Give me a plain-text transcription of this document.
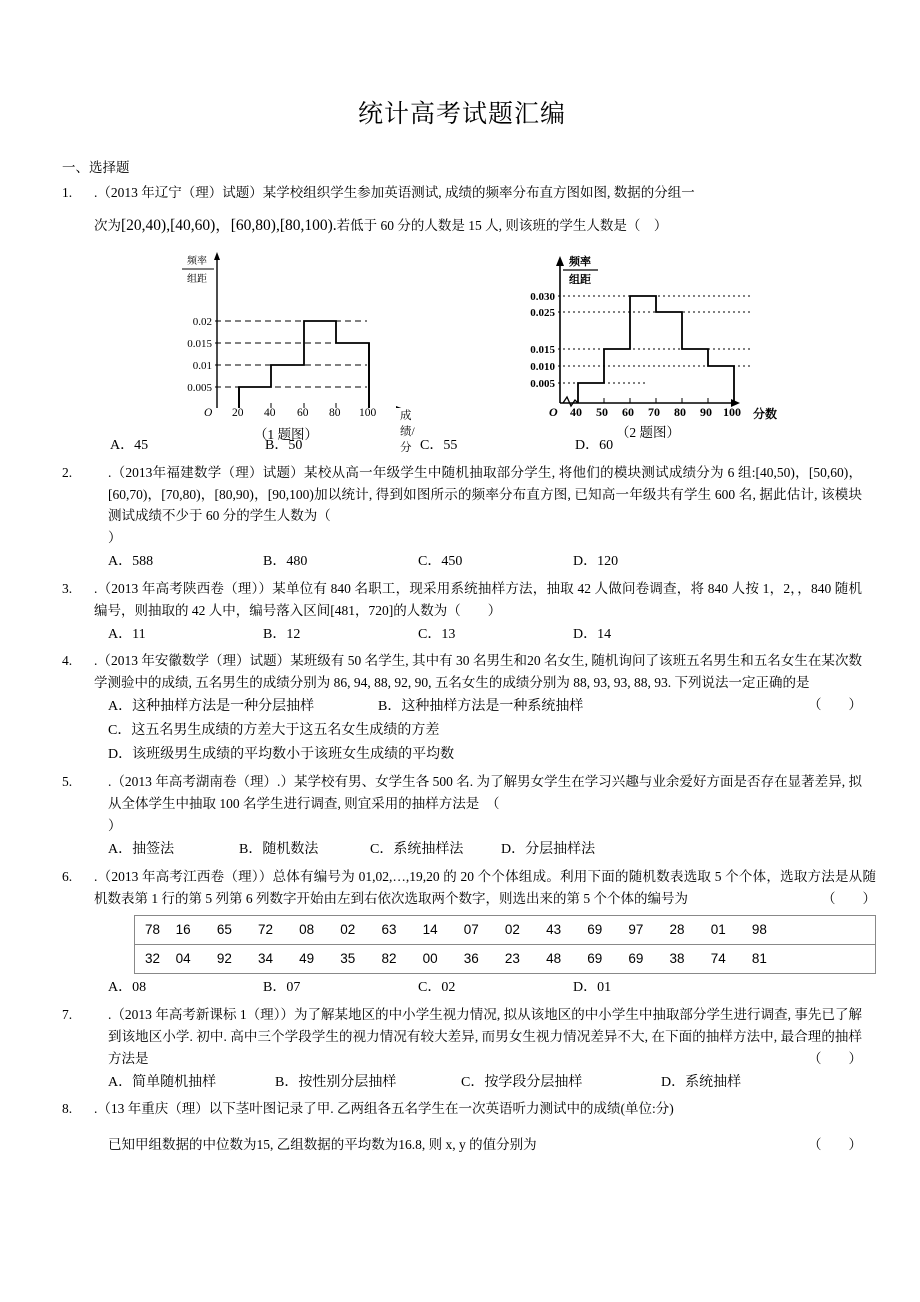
统计高考试题汇编
一、选择题
1.	.（2013 年辽宁（理）试题）某学校组织学生参加英语测试, 成绩的频率分布直方图如图, 数据的分组一
次为[20,40),[40,60)，[60,80),[80,100).若低于 60 分的人数是 15 人, 则该班的学生人数是（　）
频率
组距
0.02
0.015
0.01
0.005
O 20 40 60 80 100 成绩/分
（1 题图）
频率
组距
0.030
0.025
0.015
0.010
0.005
O 40 50 60 70 80 90 100 分数
（2 题图）
A．45	B．50	C．55	D．60
2.	.（2013年福建数学（理）试题）某校从高一年级学生中随机抽取部分学生, 将他们的模块测试成绩分为 6 组:[40,50)，[50,60)，[60,70)，[70,80)，[80,90)，[90,100)加以统计, 得到如图所示的频率分布直方图, 已知高一年级共有学生 600 名, 据此估计, 该模块测试成绩不少于 60 分的学生人数为（
）
A．588	B．480	C．450	D．120
3.	.（2013 年高考陕西卷（理））某单位有 840 名职工，现采用系统抽样方法，抽取 42 人做问卷调查，将 840 人按 1，2，，840 随机编号，则抽取的 42 人中，编号落入区间[481，720]的人数为（　　）
A．11	B．12	C．13	D．14
4.	.（2013 年安徽数学（理）试题）某班级有 50 名学生, 其中有 30 名男生和20 名女生, 随机询问了该班五名男生和五名女生在某次数学测验中的成绩, 五名男生的成绩分别为 86, 94, 88, 92, 90, 五名女生的成绩分别为 88, 93, 93, 88, 93. 下列说法一定正确的是
（　　）
A．这种抽样方法是一种分层抽样	B．这种抽样方法是一种系统抽样
C．这五名男生成绩的方差大于这五名女生成绩的方差
D．该班级男生成绩的平均数小于该班女生成绩的平均数
5.	.（2013 年高考湖南卷（理）.）某学校有男、女学生各 500 名. 为了解男女学生在学习兴趣与业余爱好方面是否存在显著差异, 拟从全体学生中抽取 100 名学生进行调查, 则宜采用的抽样方法是　（
）
A．抽签法	B．随机数法	C．系统抽样法	D．分层抽样法
6.	.（2013 年高考江西卷（理））总体有编号为 01,02,…,19,20 的 20 个个体组成。利用下面的随机数表选取 5 个个体，选取方法是从随机数表第 1 行的第 5 列第 6 列数字开始由左到右依次选取两个数字，则选出来的第 5 个个体的编号为	（　　）
78	16	65	72	08	02	63	14	07	02	43	69	97	28	01	98		
32	04	92	34	49	35	82	00	36	23	48	69	69	38	74	81		
A．08	B．07	C．02	D．01
7.	.（2013 年高考新课标 1（理））为了解某地区的中小学生视力情况, 拟从该地区的中小学生中抽取部分学生进行调查, 事先已了解到该地区小学. 初中. 高中三个学段学生的视力情况有较大差异, 而男女生视力情况差异不大, 在下面的抽样方法中, 最合理的抽样方法是	（　　）
A．简单随机抽样	B．按性别分层抽样	C．按学段分层抽样	D．系统抽样
8.	.（13 年重庆（理）以下茎叶图记录了甲. 乙两组各五名学生在一次英语听力测试中的成绩(单位:分)
已知甲组数据的中位数为15, 乙组数据的平均数为16.8, 则 x, y 的值分别为	（　　）
